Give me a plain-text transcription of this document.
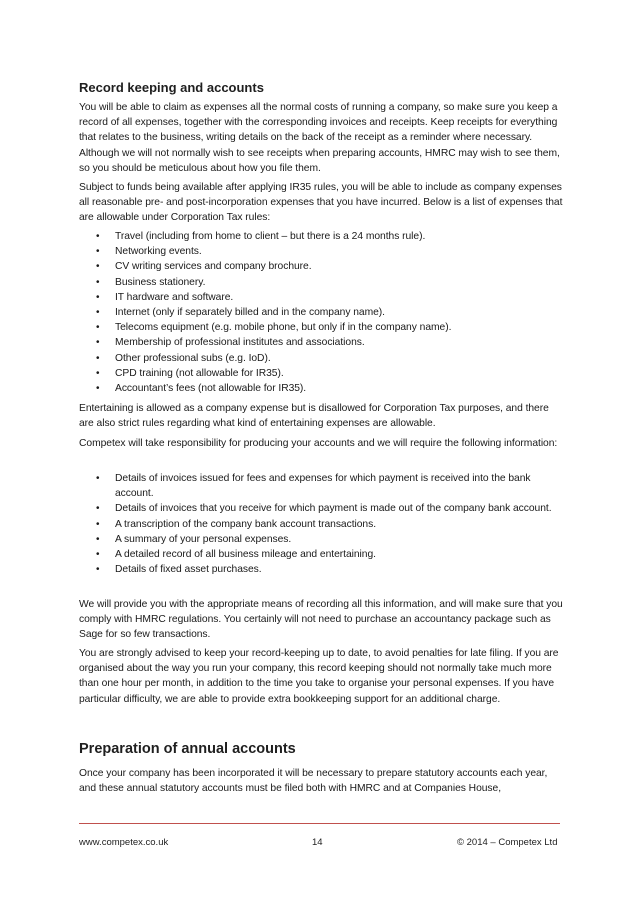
Record keeping and accounts

You will be able to claim as expenses all the normal costs of running a company, so make sure you keep a record of all expenses, together with the corresponding invoices and receipts. Keep receipts for everything that relates to the business, writing details on the back of the receipt as a reminder where necessary. Although we will not normally wish to see receipts when preparing accounts, HMRC may wish to see them, so you should be meticulous about how you file them.

Subject to funds being available after applying IR35 rules, you will be able to include as company expenses all reasonable pre- and post-incorporation expenses that you have incurred. Below is a list of expenses that are allowable under Corporation Tax rules:

• Travel (including from home to client – but there is a 24 months rule).
• Networking events.
• CV writing services and company brochure.
• Business stationery.
• IT hardware and software.
• Internet (only if separately billed and in the company name).
• Telecoms equipment (e.g. mobile phone, but only if in the company name).
• Membership of professional institutes and associations.
• Other professional subs (e.g. IoD).
• CPD training (not allowable for IR35).
• Accountant’s fees (not allowable for IR35).

Entertaining is allowed as a company expense but is disallowed for Corporation Tax purposes, and there are also strict rules regarding what kind of entertaining expenses are allowable.

Competex will take responsibility for producing your accounts and we will require the following information:

• Details of invoices issued for fees and expenses for which payment is received into the bank account.
• Details of invoices that you receive for which payment is made out of the company bank account.
• A transcription of the company bank account transactions.
• A summary of your personal expenses.
• A detailed record of all business mileage and entertaining.
• Details of fixed asset purchases.

We will provide you with the appropriate means of recording all this information, and will make sure that you comply with HMRC regulations. You certainly will not need to purchase an accountancy package such as Sage for so few transactions.

You are strongly advised to keep your record-keeping up to date, to avoid penalties for late filing. If you are organised about the way you run your company, this record keeping should not normally take much more than one hour per month, in addition to the time you take to organise your personal expenses. If you have particular difficulty, we are able to provide extra bookkeeping support for an additional charge.

Preparation of annual accounts

Once your company has been incorporated it will be necessary to prepare statutory accounts each year, and these annual statutory accounts must be filed both with HMRC and at Companies House,

www.competex.co.uk	14	© 2014 – Competex Ltd
